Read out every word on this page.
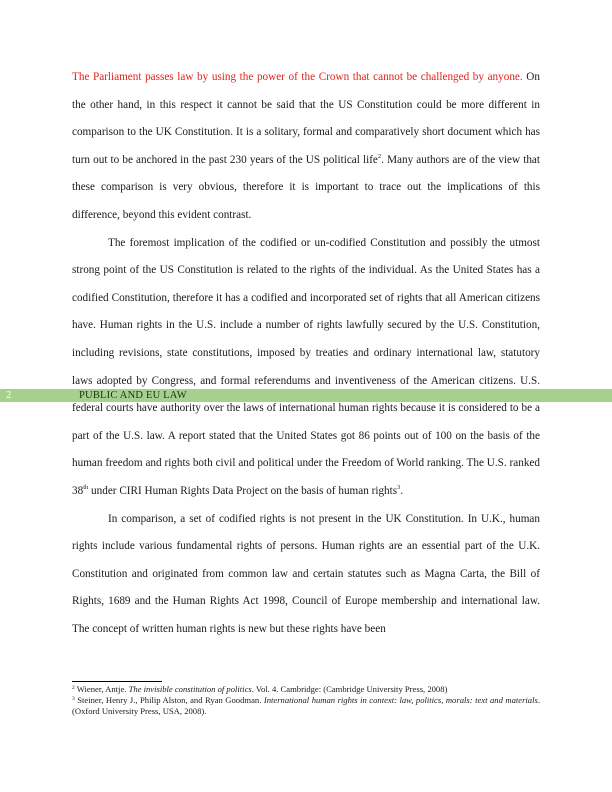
The Parliament passes law by using the power of the Crown that cannot be challenged by anyone. On the other hand, in this respect it cannot be said that the US Constitution could be more different in comparison to the UK Constitution. It is a solitary, formal and comparatively short document which has turn out to be anchored in the past 230 years of the US political life$^2$. Many authors are of the view that these comparison is very obvious, therefore it is important to trace out the implications of this difference, beyond this evident contrast.

The foremost implication of the codified or un-codified Constitution and possibly the utmost strong point of the US Constitution is related to the rights of the individual. As the United States has a codified Constitution, therefore it has a codified and incorporated set of rights that all American citizens have. Human rights in the U.S. include a number of rights lawfully secured by the U.S. Constitution, including revisions, state constitutions, imposed by treaties and ordinary international law, statutory laws adopted by Congress, and formal referendums and inventiveness of the American citizens. U.S. federal courts have authority over the laws of international human rights because it is considered to be a part of the U.S. law. A report stated that the United States got 86 points out of 100 on the basis of the human freedom and rights both civil and political under the Freedom of World ranking. The U.S. ranked 38th under CIRI Human Rights Data Project on the basis of human rights$^3$.

In comparison, a set of codified rights is not present in the UK Constitution. In U.K., human rights include various fundamental rights of persons. Human rights are an essential part of the U.K. Constitution and originated from common law and certain statutes such as Magna Carta, the Bill of Rights, 1689 and the Human Rights Act 1998, Council of Europe membership and international law. The concept of written human rights is new but these rights have been

2	PUBLIC AND EU LAW

$^2$ Wiener, Antje. The invisible constitution of politics. Vol. 4. Cambridge: (Cambridge University Press, 2008)

$^3$ Steiner, Henry J., Philip Alston, and Ryan Goodman. International human rights in context: law, politics, morals: text and materials. (Oxford University Press, USA, 2008).
